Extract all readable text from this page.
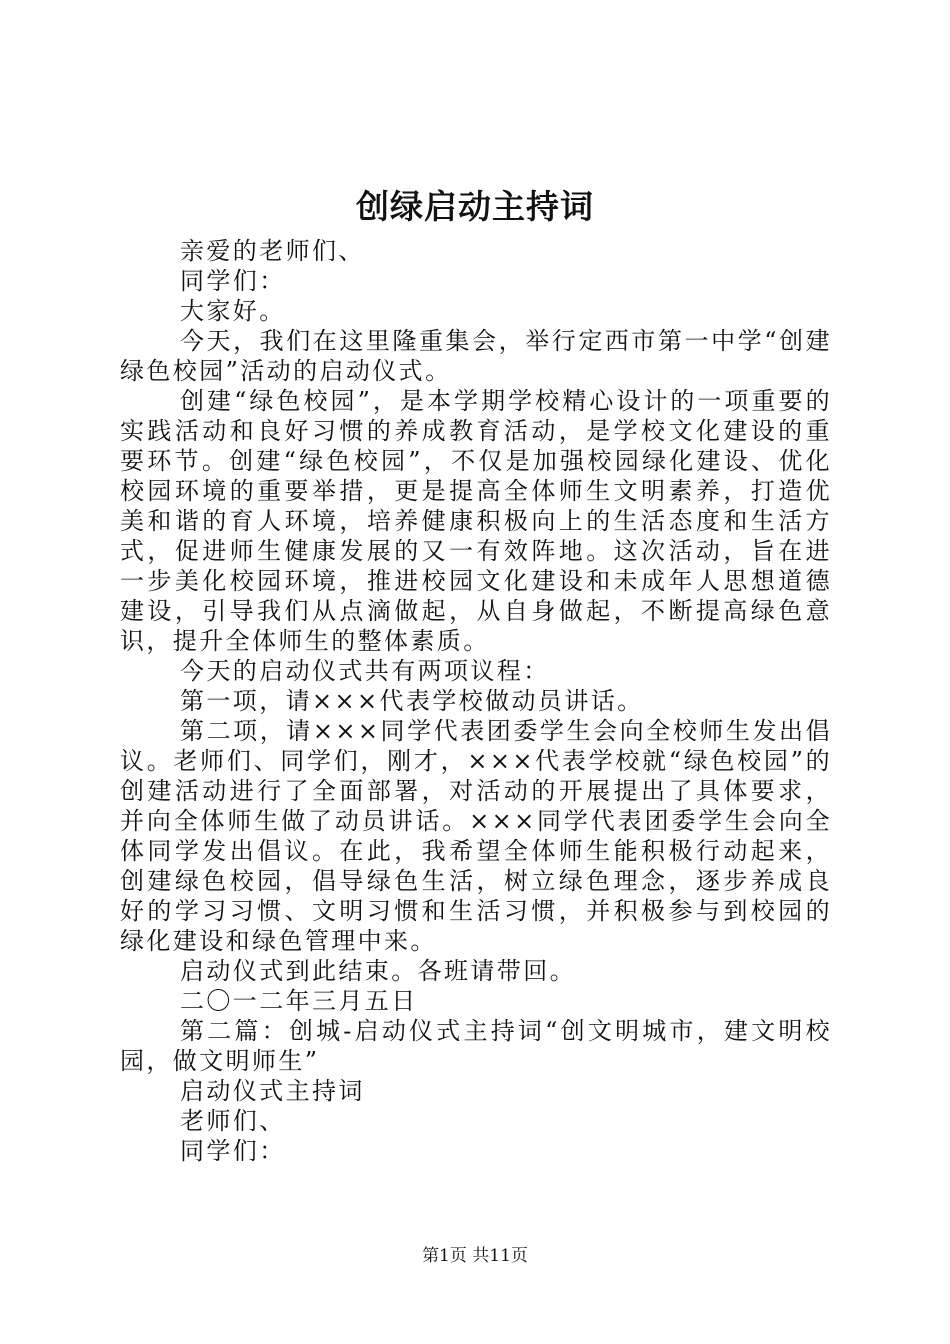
创绿启动主持词

亲爱的老师们、

同学们：

大家好。

今天，我们在这里隆重集会，举行定西市第一中学“创建绿色校园”活动的启动仪式。

创建“绿色校园”，是本学期学校精心设计的一项重要的实践活动和良好习惯的养成教育活动，是学校文化建设的重要环节。创建“绿色校园”，不仅是加强校园绿化建设、优化校园环境的重要举措，更是提高全体师生文明素养，打造优美和谐的育人环境，培养健康积极向上的生活态度和生活方式，促进师生健康发展的又一有效阵地。这次活动，旨在进一步美化校园环境，推进校园文化建设和未成年人思想道德建设，引导我们从点滴做起，从自身做起，不断提高绿色意识，提升全体师生的整体素质。

今天的启动仪式共有两项议程：

第一项，请×××代表学校做动员讲话。

第二项，请×××同学代表团委学生会向全校师生发出倡议。老师们、同学们，刚才，×××代表学校就“绿色校园”的创建活动进行了全面部署，对活动的开展提出了具体要求，并向全体师生做了动员讲话。×××同学代表团委学生会向全体同学发出倡议。在此，我希望全体师生能积极行动起来，创建绿色校园，倡导绿色生活，树立绿色理念，逐步养成良好的学习习惯、文明习惯和生活习惯，并积极参与到校园的绿化建设和绿色管理中来。

启动仪式到此结束。各班请带回。

二〇一二年三月五日

第二篇：创城-启动仪式主持词“创文明城市，建文明校园，做文明师生”

启动仪式主持词

老师们、

同学们：

第1页 共11页
